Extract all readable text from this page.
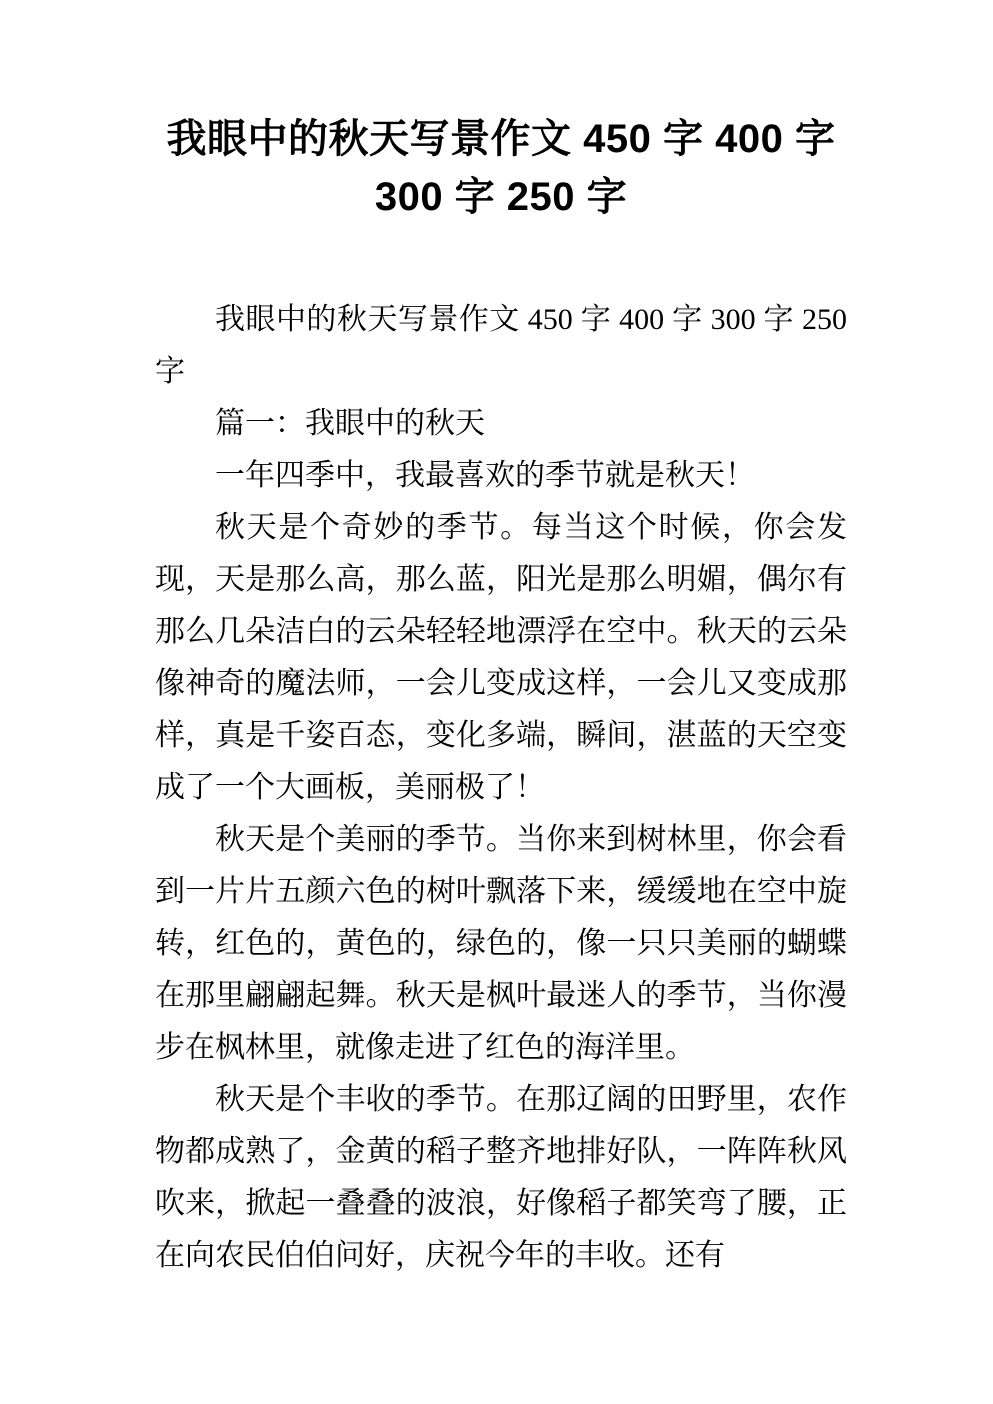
我眼中的秋天写景作文 450 字 400 字 300 字 250 字

我眼中的秋天写景作文 450 字 400 字 300 字 250 字

篇一：我眼中的秋天

一年四季中，我最喜欢的季节就是秋天！

秋天是个奇妙的季节。每当这个时候，你会发现，天是那么高，那么蓝，阳光是那么明媚，偶尔有那么几朵洁白的云朵轻轻地漂浮在空中。秋天的云朵像神奇的魔法师，一会儿变成这样，一会儿又变成那样，真是千姿百态，变化多端，瞬间，湛蓝的天空变成了一个大画板，美丽极了！

秋天是个美丽的季节。当你来到树林里，你会看到一片片五颜六色的树叶飘落下来，缓缓地在空中旋转，红色的，黄色的，绿色的，像一只只美丽的蝴蝶在那里翩翩起舞。秋天是枫叶最迷人的季节，当你漫步在枫林里，就像走进了红色的海洋里。

秋天是个丰收的季节。在那辽阔的田野里，农作物都成熟了，金黄的稻子整齐地排好队，一阵阵秋风吹来，掀起一叠叠的波浪，好像稻子都笑弯了腰，正在向农民伯伯问好，庆祝今年的丰收。还有
